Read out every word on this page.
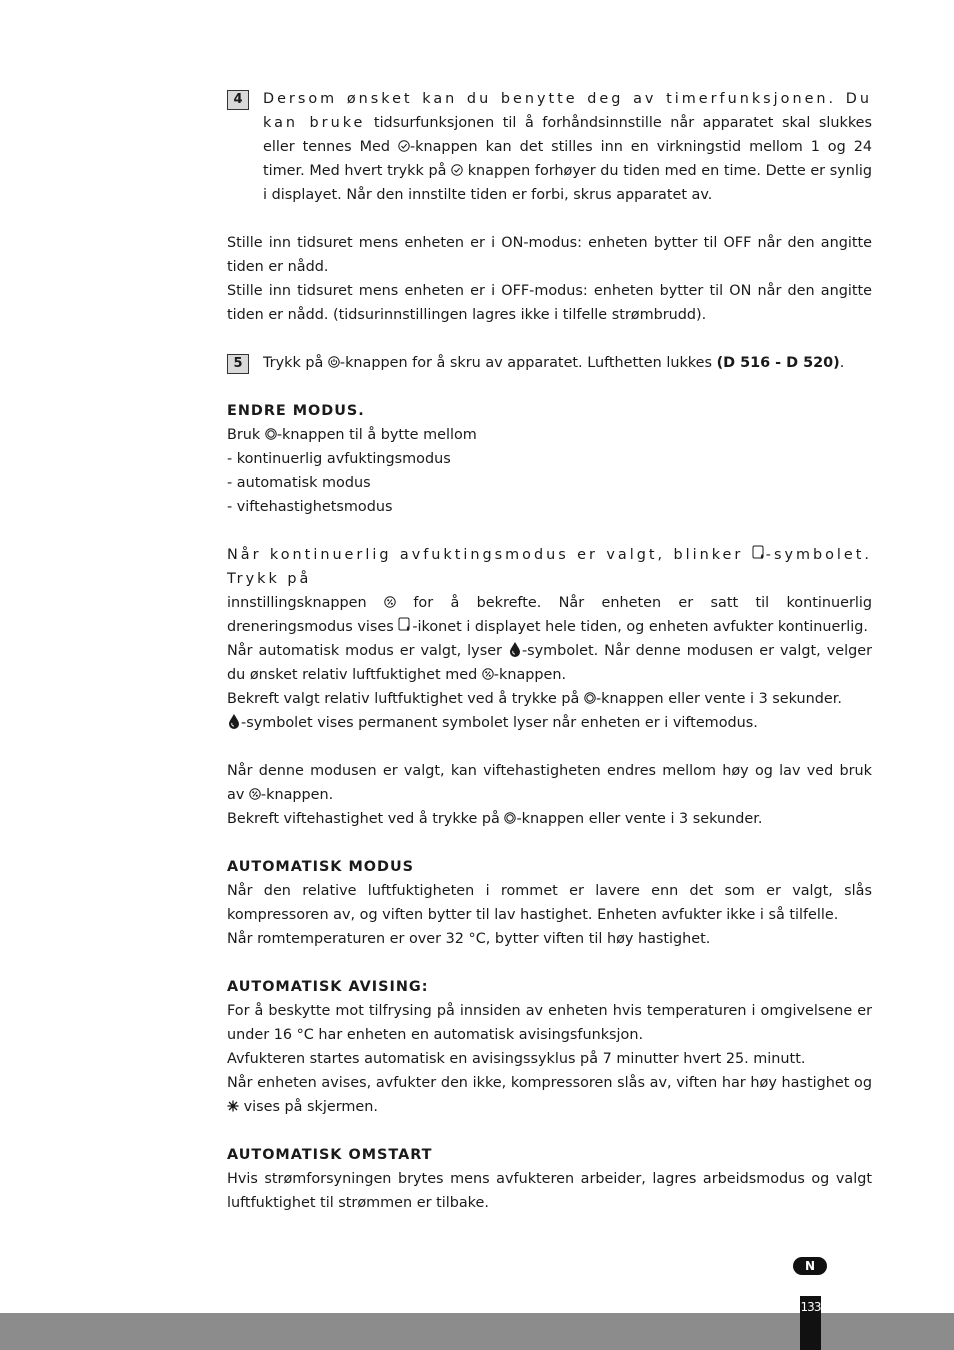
4	Dersom ønsket kan du benytte deg av timerfunksjonen. Du kan bruke tidsurfunksjonen til å forhåndsinnstille når apparatet skal slukkes eller tennes Med
-knappen kan det stilles inn en virkningstid mellom 1 og 24 timer. Med hvert trykk på
knappen forhøyer du tiden med en time. Dette er synlig i displayet. Når den innstilte tiden er forbi, skrus apparatet av.

Stille inn tidsuret mens enheten er i ON-modus: enheten bytter til OFF når den angitte tiden er nådd.

Stille inn tidsuret mens enheten er i OFF-modus: enheten bytter til ON når den angitte tiden er nådd. (tidsurinnstillingen lagres ikke i tilfelle strømbrudd).

5	Trykk på
-knappen for å skru av apparatet. Lufthetten lukkes (D 516 - D 520).
ENDRE MODUS.

Bruk
-knappen til å bytte mellom

- kontinuerlig avfuktingsmodus

- automatisk modus

- viftehastighetsmodus

Når kontinuerlig avfuktingsmodus er valgt, blinker
-symbolet. Trykk på

innstillingsknappen
for å bekrefte. Når enheten er satt til kontinuerlig dreneringsmodus vises
-ikonet i displayet hele tiden, og enheten avfukter kontinuerlig.

Når automatisk modus er valgt, lyser
-symbolet. Når denne modusen er valgt, velger du ønsket relativ luftfuktighet med
-knappen.

Bekreft valgt relativ luftfuktighet ved å trykke på
-knappen eller vente i 3 sekunder.

-symbolet vises permanent symbolet lyser når enheten er i viftemodus.

Når denne modusen er valgt, kan viftehastigheten endres mellom høy og lav ved bruk av
-knappen.

Bekreft viftehastighet ved å trykke på
-knappen eller vente i 3 sekunder.

AUTOMATISK MODUS

Når den relative luftfuktigheten i rommet er lavere enn det som er valgt, slås kompressoren av, og viften bytter til lav hastighet. Enheten avfukter ikke i så tilfelle.

Når romtemperaturen er over 32 °C, bytter viften til høy hastighet.

AUTOMATISK AVISING:

For å beskytte mot tilfrysing på innsiden av enheten hvis temperaturen i omgivelsene er under 16 °C har enheten en automatisk avisingsfunksjon.

Avfukteren startes automatisk en avisingssyklus på 7 minutter hvert 25. minutt.

Når enheten avises, avfukter den ikke, kompressoren slås av, viften har høy hastighet og
vises på skjermen.

AUTOMATISK OMSTART

Hvis strømforsyningen brytes mens avfukteren arbeider, lagres arbeidsmodus og valgt luftfuktighet til strømmen er tilbake.

N
133
